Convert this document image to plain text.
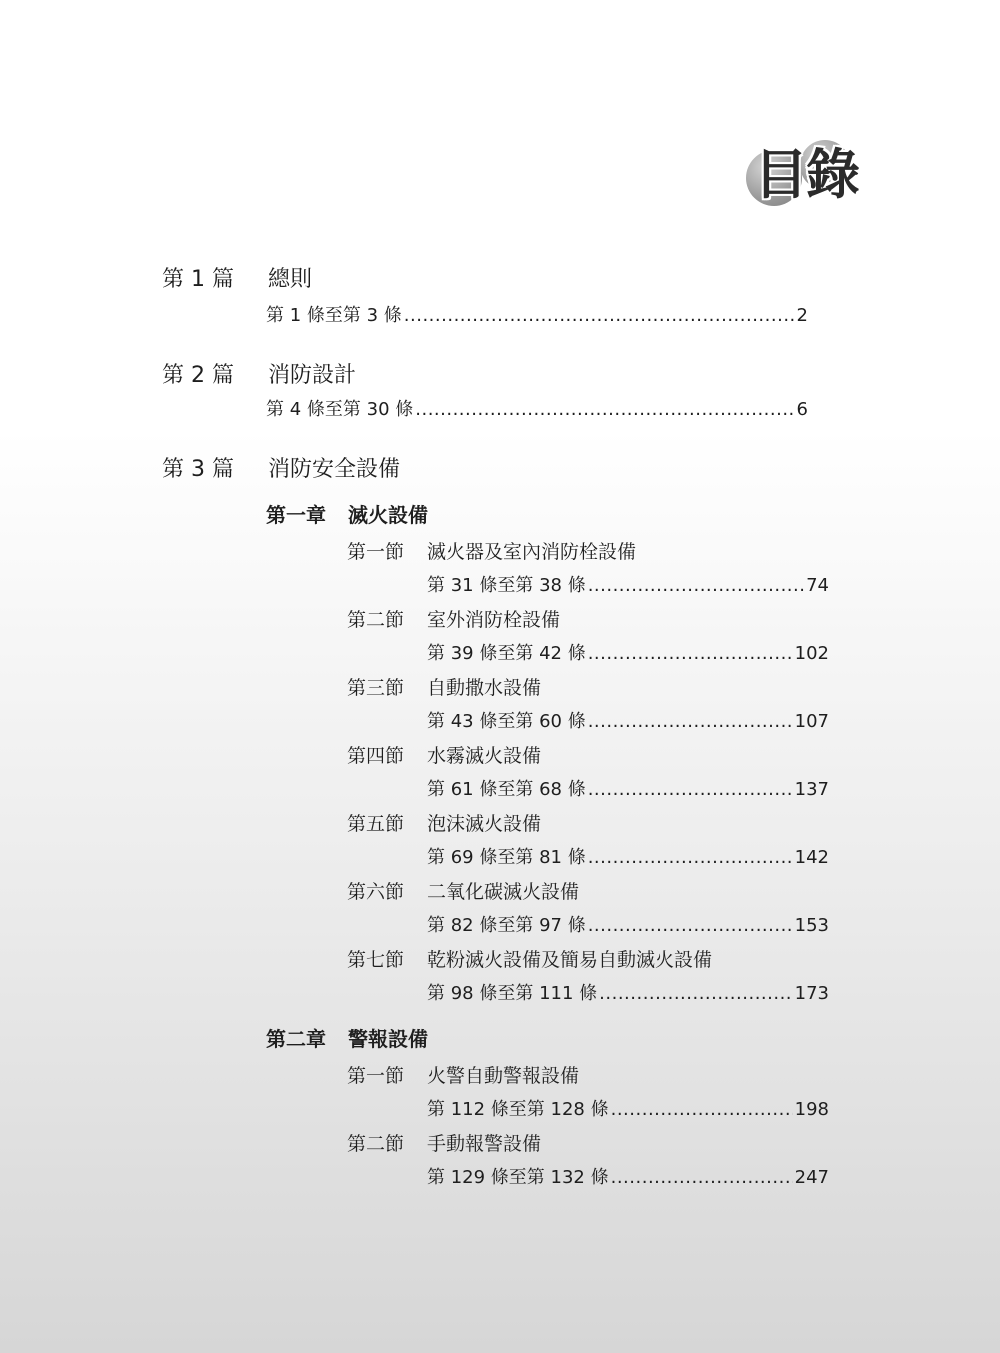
目錄
第 1 篇 總則
第 1 條至第 3 條 .....	2
第 2 篇 消防設計
第 4 條至第 30 條 .....	6
第 3 篇 消防安全設備
第一章 滅火設備
第一節 滅火器及室內消防栓設備
第 31 條至第 38 條 .....	74
第二節 室外消防栓設備
第 39 條至第 42 條 .....	102
第三節 自動撒水設備
第 43 條至第 60 條 .....	107
第四節 水霧滅火設備
第 61 條至第 68 條 .....	137
第五節 泡沫滅火設備
第 69 條至第 81 條 .....	142
第六節 二氧化碳滅火設備
第 82 條至第 97 條 .....	153
第七節 乾粉滅火設備及簡易自動滅火設備
第 98 條至第 111 條 .....	173
第二章 警報設備
第一節 火警自動警報設備
第 112 條至第 128 條 .....	198
第二節 手動報警設備
第 129 條至第 132 條 .....	247
